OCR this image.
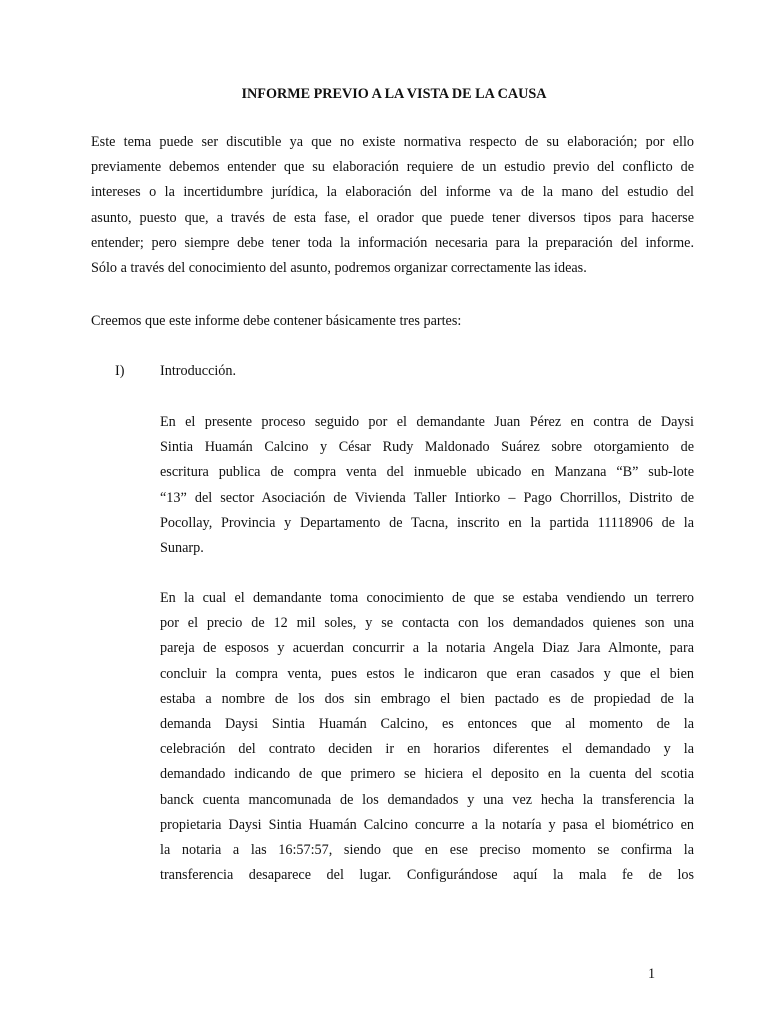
INFORME PREVIO A LA VISTA DE LA CAUSA

Este tema puede ser discutible ya que no existe normativa respecto de su elaboración; por ello
previamente debemos entender que su elaboración requiere de un estudio previo del conflicto de
intereses o la incertidumbre jurídica, la elaboración del informe va de la mano del estudio del
asunto, puesto que, a través de esta fase, el orador que puede tener diversos tipos para hacerse
entender; pero siempre debe tener toda la información necesaria para la preparación del informe.
Sólo a través del conocimiento del asunto, podremos organizar correctamente las ideas.

Creemos que este informe debe contener básicamente tres partes:

I)	Introducción.

En el presente proceso seguido por el demandante Juan Pérez en contra de Daysi
Sintia Huamán Calcino y César Rudy Maldonado Suárez sobre otorgamiento de
escritura publica de compra venta del inmueble ubicado en Manzana “B” sub-lote
“13” del sector Asociación de Vivienda Taller Intiorko – Pago Chorrillos, Distrito de
Pocollay, Provincia y Departamento de Tacna, inscrito en la partida 11118906 de la
Sunarp.

En la cual el demandante toma conocimiento de que se estaba vendiendo un terrero
por el precio de 12 mil soles, y se contacta con los demandados quienes son una
pareja de esposos y acuerdan concurrir a la notaria Angela Diaz Jara Almonte, para
concluir la compra venta, pues estos le indicaron que eran casados y que el bien
estaba a nombre de los dos sin embrago el bien pactado es de propiedad de la
demanda Daysi Sintia Huamán Calcino, es entonces que al momento de la
celebración del contrato deciden ir en horarios diferentes el demandado y la
demandado indicando de que primero se hiciera el deposito en la cuenta del scotia
banck cuenta mancomunada de los demandados y una vez hecha la transferencia la
propietaria Daysi Sintia Huamán Calcino concurre a la notaría y pasa el biométrico en
la notaria a las 16:57:57, siendo que en ese preciso momento se confirma la
transferencia desaparece del lugar. Configurándose aquí la mala fe de los

1
